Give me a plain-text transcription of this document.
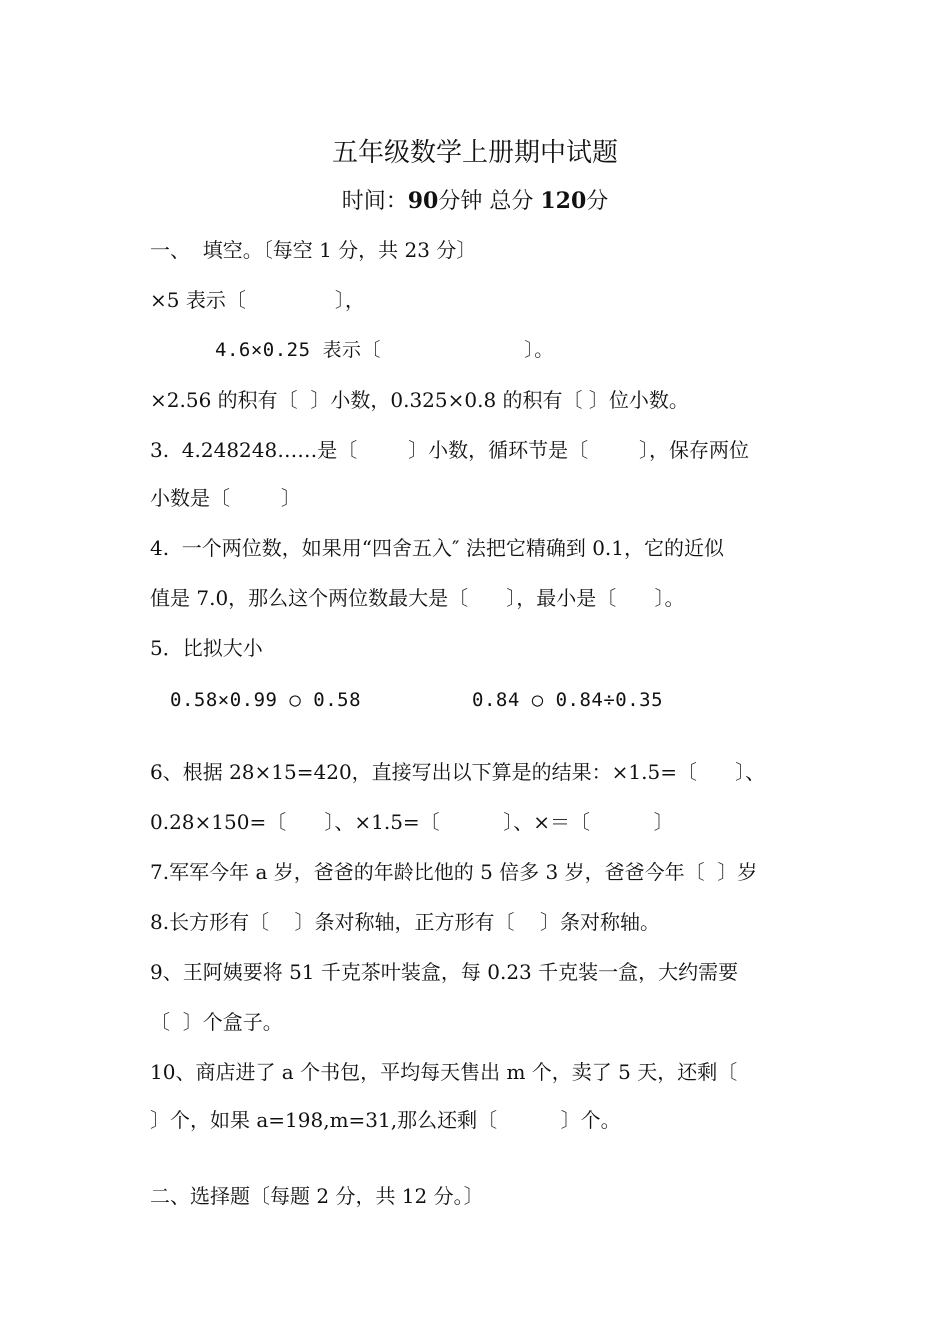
五年级数学上册期中试题
时间：90分钟 总分 120分
一、  填空。〔每空 1 分，共 23 分〕
×5 表示〔              〕，
4.6×0.25 表示〔            〕。
×2.56 的积有〔  〕小数，0.325×0.8 的积有〔 〕位小数。
3.  4.248248……是〔        〕小数，循环节是〔        〕，保存两位
小数是〔        〕
4.  一个两位数，如果用“四舍五入″ 法把它精确到 0.1，它的近似
值是 7.0，那么这个两位数最大是〔      〕，最小是〔      〕。
5．比拟大小
0.58×0.99 ○ 0.58	0.84 ○ 0.84÷0.35
6、根据 28×15=420，直接写出以下算是的结果：×1.5=〔      〕、
0.28×150=〔      〕、×1.5=〔          〕、×＝〔          〕
7.军军今年 a 岁，爸爸的年龄比他的 5 倍多 3 岁，爸爸今年〔  〕岁
8.长方形有〔    〕条对称轴，正方形有〔    〕条对称轴。
9、王阿姨要将 51 千克茶叶装盒，每 0.23 千克装一盒，大约需要
〔  〕个盒子。
10、商店进了 a 个书包，平均每天售出 m 个，卖了 5 天，还剩〔
〕个，如果 a=198,m=31,那么还剩〔          〕个。
二、选择题〔每题 2 分，共 12 分。〕
